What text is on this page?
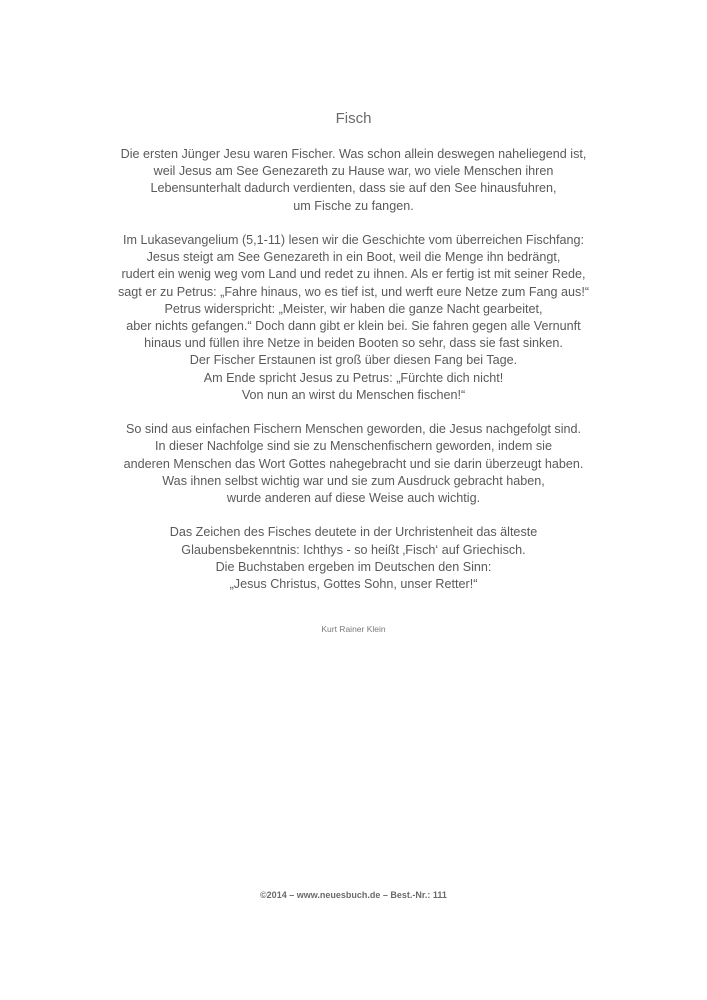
Fisch

Die ersten Jünger Jesu waren Fischer. Was schon allein deswegen naheliegend ist,
weil Jesus am See Genezareth zu Hause war, wo viele Menschen ihren
Lebensunterhalt dadurch verdienten, dass sie auf den See hinausfuhren,
um Fische zu fangen.

Im Lukasevangelium (5,1-11) lesen wir die Geschichte vom überreichen Fischfang:
Jesus steigt am See Genezareth in ein Boot, weil die Menge ihn bedrängt,
rudert ein wenig weg vom Land und redet zu ihnen. Als er fertig ist mit seiner Rede,
sagt er zu Petrus: „Fahre hinaus, wo es tief ist, und werft eure Netze zum Fang aus!“
Petrus widerspricht: „Meister, wir haben die ganze Nacht gearbeitet,
aber nichts gefangen.“ Doch dann gibt er klein bei. Sie fahren gegen alle Vernunft
hinaus und füllen ihre Netze in beiden Booten so sehr, dass sie fast sinken.
Der Fischer Erstaunen ist groß über diesen Fang bei Tage.
Am Ende spricht Jesus zu Petrus: „Fürchte dich nicht!
Von nun an wirst du Menschen fischen!“

So sind aus einfachen Fischern Menschen geworden, die Jesus nachgefolgt sind.
In dieser Nachfolge sind sie zu Menschenfischern geworden, indem sie
anderen Menschen das Wort Gottes nahegebracht und sie darin überzeugt haben.
Was ihnen selbst wichtig war und sie zum Ausdruck gebracht haben,
wurde anderen auf diese Weise auch wichtig.

Das Zeichen des Fisches deutete in der Urchristenheit das älteste
Glaubensbekenntnis: Ichthys - so heißt ‚Fisch‘ auf Griechisch.
Die Buchstaben ergeben im Deutschen den Sinn:
„Jesus Christus, Gottes Sohn, unser Retter!“

Kurt Rainer Klein
©2014 – www.neuesbuch.de – Best.-Nr.: 111
